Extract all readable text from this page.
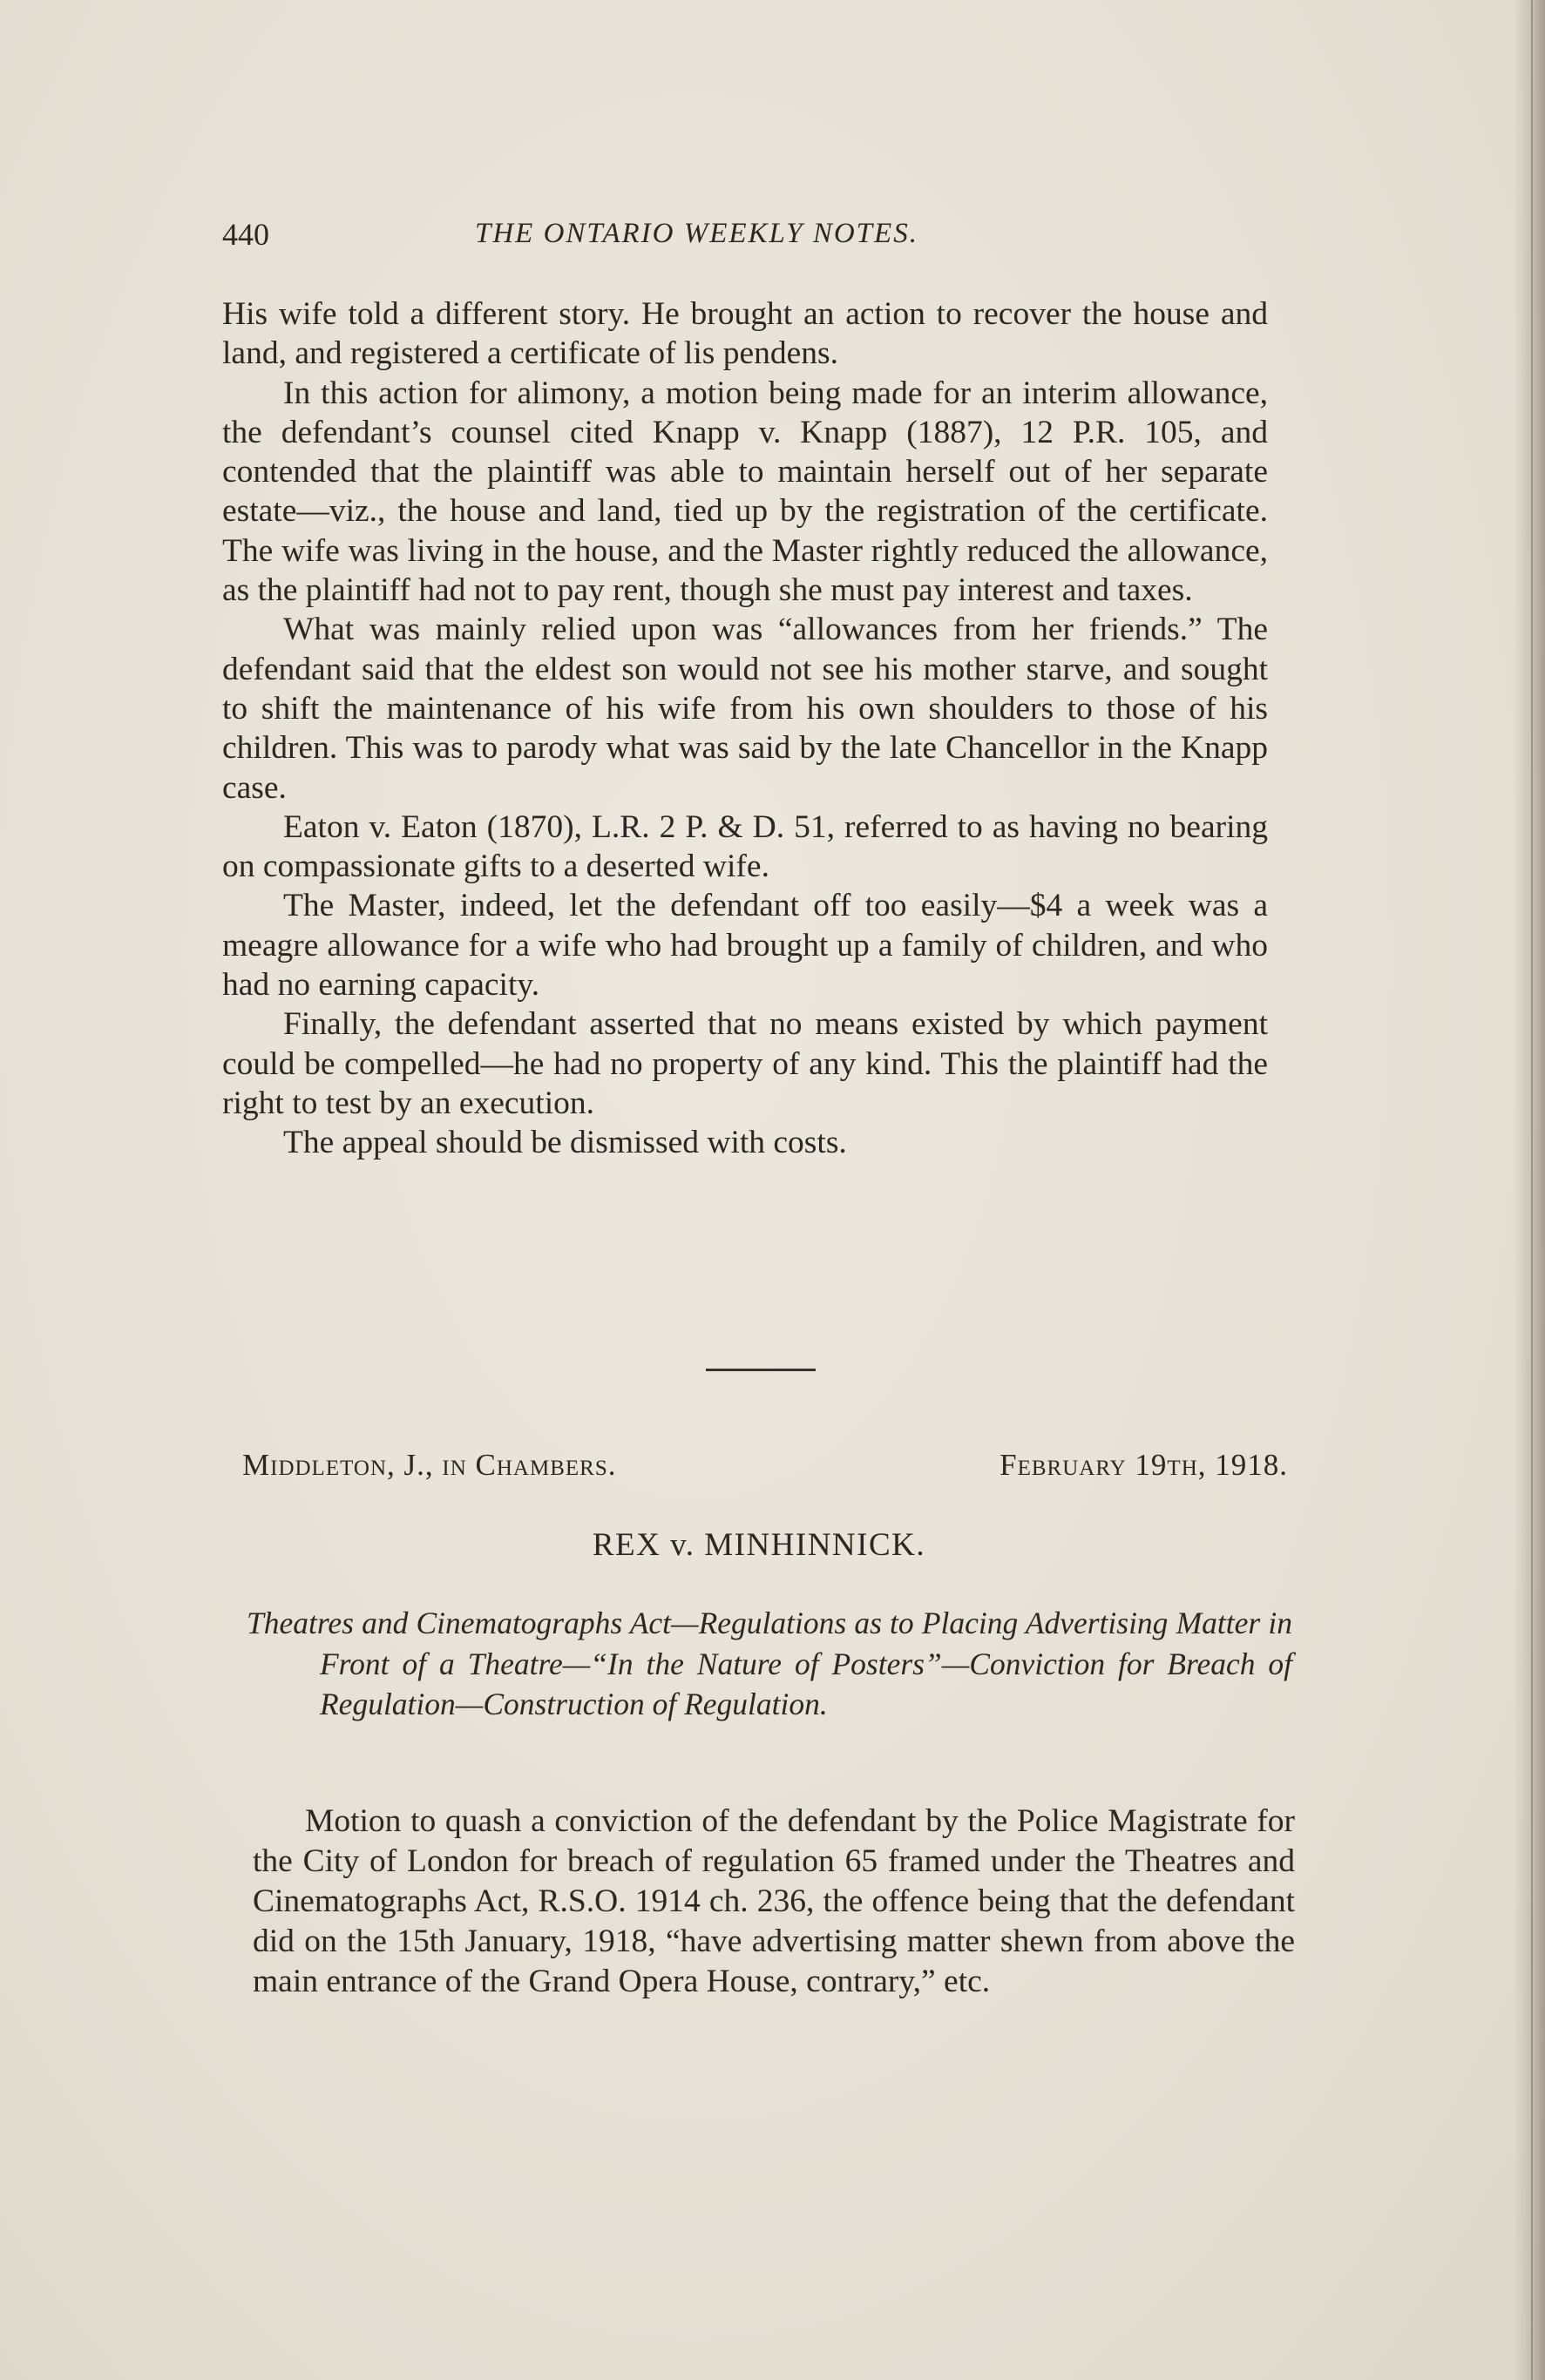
440	THE ONTARIO WEEKLY NOTES.

His wife told a different story. He brought an action to recover the house and land, and registered a certificate of lis pendens.

In this action for alimony, a motion being made for an interim allowance, the defendant’s counsel cited Knapp v. Knapp (1887), 12 P.R. 105, and contended that the plaintiff was able to maintain herself out of her separate estate—viz., the house and land, tied up by the registration of the certificate. The wife was living in the house, and the Master rightly reduced the allowance, as the plaintiff had not to pay rent, though she must pay interest and taxes.

What was mainly relied upon was “allowances from her friends.” The defendant said that the eldest son would not see his mother starve, and sought to shift the maintenance of his wife from his own shoulders to those of his children. This was to parody what was said by the late Chancellor in the Knapp case.

Eaton v. Eaton (1870), L.R. 2 P. & D. 51, referred to as having no bearing on compassionate gifts to a deserted wife.

The Master, indeed, let the defendant off too easily—$4 a week was a meagre allowance for a wife who had brought up a family of children, and who had no earning capacity.

Finally, the defendant asserted that no means existed by which payment could be compelled—he had no property of any kind. This the plaintiff had the right to test by an execution.

The appeal should be dismissed with costs.

Middleton, J., in Chambers.	February 19th, 1918.
REX v. MINHINNICK.
Theatres and Cinematographs Act—Regulations as to Placing Advertising Matter in Front of a Theatre—“In the Nature of Posters”—Conviction for Breach of Regulation—Construction of Regulation.

Motion to quash a conviction of the defendant by the Police Magistrate for the City of London for breach of regulation 65 framed under the Theatres and Cinematographs Act, R.S.O. 1914 ch. 236, the offence being that the defendant did on the 15th January, 1918, “have advertising matter shewn from above the main entrance of the Grand Opera House, contrary,” etc.
